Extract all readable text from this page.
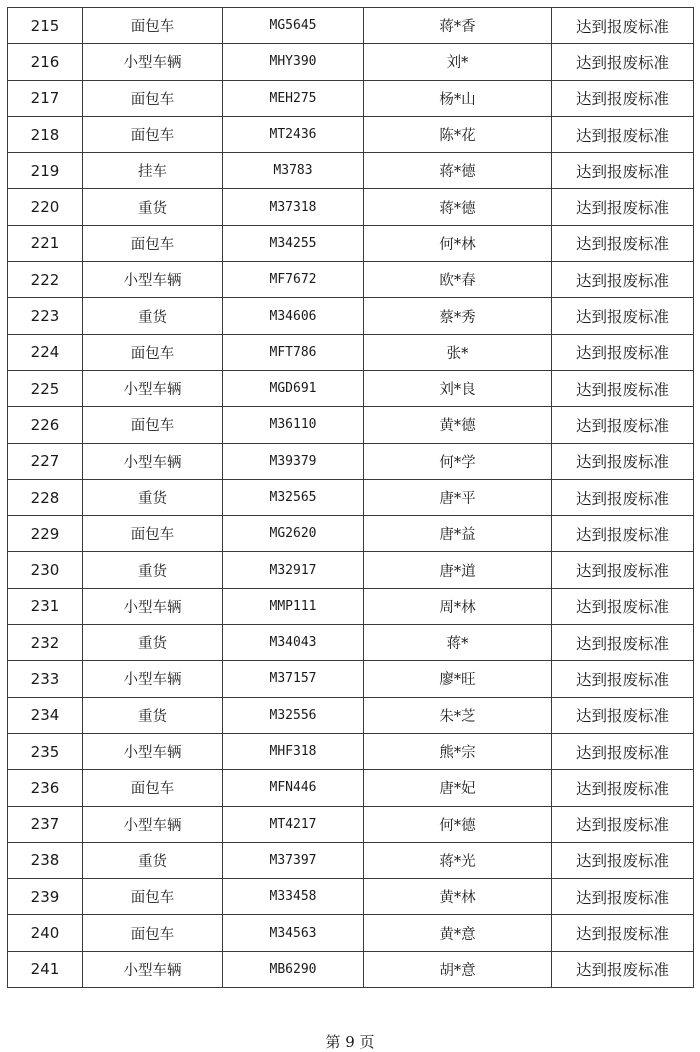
215	面包车	MG5645	蒋*香	达到报废标准
216	小型车辆	MHY390	刘*	达到报废标准
217	面包车	MEH275	杨*山	达到报废标准
218	面包车	MT2436	陈*花	达到报废标准
219	挂车	M3783	蒋*德	达到报废标准
220	重货	M37318	蒋*德	达到报废标准
221	面包车	M34255	何*林	达到报废标准
222	小型车辆	MF7672	欧*春	达到报废标准
223	重货	M34606	蔡*秀	达到报废标准
224	面包车	MFT786	张*	达到报废标准
225	小型车辆	MGD691	刘*良	达到报废标准
226	面包车	M36110	黄*德	达到报废标准
227	小型车辆	M39379	何*学	达到报废标准
228	重货	M32565	唐*平	达到报废标准
229	面包车	MG2620	唐*益	达到报废标准
230	重货	M32917	唐*道	达到报废标准
231	小型车辆	MMP111	周*林	达到报废标准
232	重货	M34043	蒋*	达到报废标准
233	小型车辆	M37157	廖*旺	达到报废标准
234	重货	M32556	朱*芝	达到报废标准
235	小型车辆	MHF318	熊*宗	达到报废标准
236	面包车	MFN446	唐*妃	达到报废标准
237	小型车辆	MT4217	何*德	达到报废标准
238	重货	M37397	蒋*光	达到报废标准
239	面包车	M33458	黄*林	达到报废标准
240	面包车	M34563	黄*意	达到报废标准
241	小型车辆	MB6290	胡*意	达到报废标准
第 9 页
